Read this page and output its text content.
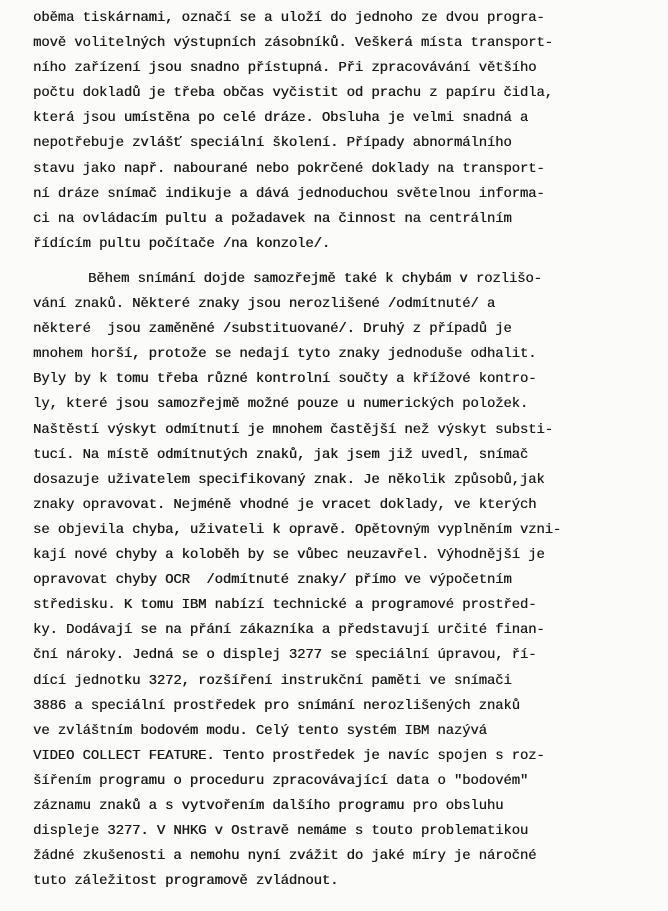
oběma tiskárnami, označí se a uloží do jednoho ze dvou progra-
mově volitelných výstupních zásobníků. Veškerá místa transport-
ního zařízení jsou snadno přístupná. Při zpracovávání většího
počtu dokladů je třeba občas vyčistit od prachu z papíru čidla,
která jsou umístěna po celé dráze. Obsluha je velmi snadná a
nepotřebuje zvlášť speciální školení. Případy abnormálního
stavu jako např. nabourané nebo pokrčené doklady na transport-
ní dráze snímač indikuje a dává jednoduchou světelnou informa-
ci na ovládacím pultu a požadavek na činnost na centrálním
řídícím pultu počítače /na konzole/.
Během snímání dojde samozřejmě také k chybám v rozlišo-
vání znaků. Některé znaky jsou nerozlišené /odmítnuté/ a
některé  jsou zaměněné /substituované/. Druhý z případů je
mnohem horší, protože se nedají tyto znaky jednoduše odhalit.
Byly by k tomu třeba různé kontrolní součty a křížové kontro-
ly, které jsou samozřejmě možné pouze u numerických položek.
Naštěstí výskyt odmítnutí je mnohem častější než výskyt substi-
tucí. Na místě odmítnutých znaků, jak jsem již uvedl, snímač
dosazuje uživatelem specifikovaný znak. Je několik způsobů,jak
znaky opravovat. Nejméně vhodné je vracet doklady, ve kterých
se objevila chyba, uživateli k opravě. Opětovným vyplněním vzni-
kají nové chyby a koloběh by se vůbec neuzavřel. Výhodnější je
opravovat chyby OCR  /odmítnuté znaky/ přímo ve výpočetním
středisku. K tomu IBM nabízí technické a programové prostřed-
ky. Dodávají se na přání zákazníka a představují určité finan-
ční nároky. Jedná se o displej 3277 se speciální úpravou, ří-
dící jednotku 3272, rozšíření instrukční paměti ve snímači
3886 a speciální prostředek pro snímání nerozlišených znaků
ve zvláštním bodovém modu. Celý tento systém IBM nazývá
VIDEO COLLECT FEATURE. Tento prostředek je navíc spojen s roz-
šířením programu o proceduru zpracovávající data o "bodovém"
záznamu znaků a s vytvořením dalšího programu pro obsluhu
displeje 3277. V NHKG v Ostravě nemáme s touto problematikou
žádné zkušenosti a nemohu nyní zvážit do jaké míry je náročné
tuto záležitost programově zvládnout.
